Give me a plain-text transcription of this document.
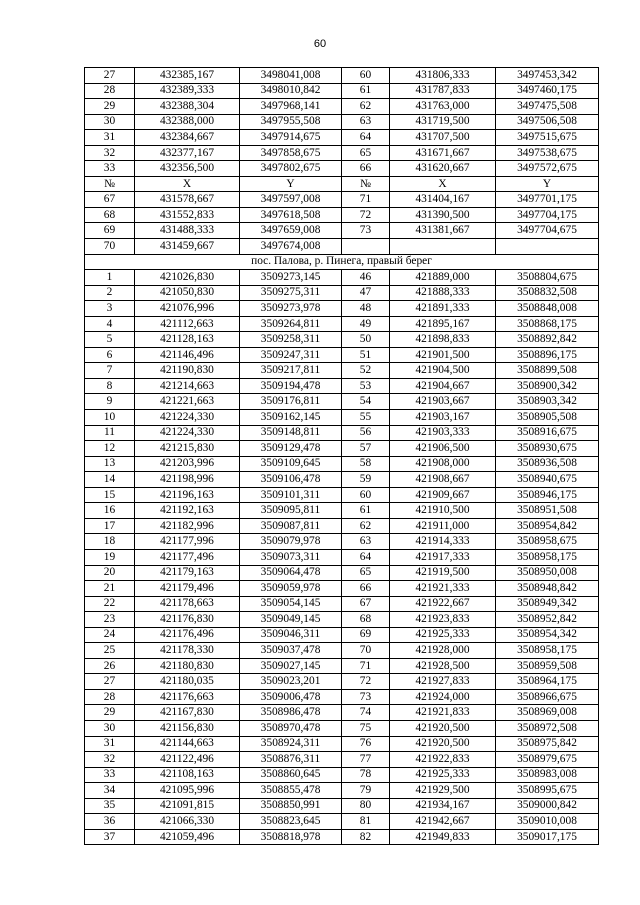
60
27	432385,167	3498041,008	60	431806,333	3497453,342
28	432389,333	3498010,842	61	431787,833	3497460,175
29	432388,304	3497968,141	62	431763,000	3497475,508
30	432388,000	3497955,508	63	431719,500	3497506,508
31	432384,667	3497914,675	64	431707,500	3497515,675
32	432377,167	3497858,675	65	431671,667	3497538,675
33	432356,500	3497802,675	66	431620,667	3497572,675
№	X	Y	№	X	Y
67	431578,667	3497597,008	71	431404,167	3497701,175
68	431552,833	3497618,508	72	431390,500	3497704,175
69	431488,333	3497659,008	73	431381,667	3497704,675
70	431459,667	3497674,008			
пос. Палова, р. Пинега, правый берег					
1	421026,830	3509273,145	46	421889,000	3508804,675
2	421050,830	3509275,311	47	421888,333	3508832,508
3	421076,996	3509273,978	48	421891,333	3508848,008
4	421112,663	3509264,811	49	421895,167	3508868,175
5	421128,163	3509258,311	50	421898,833	3508892,842
6	421146,496	3509247,311	51	421901,500	3508896,175
7	421190,830	3509217,811	52	421904,500	3508899,508
8	421214,663	3509194,478	53	421904,667	3508900,342
9	421221,663	3509176,811	54	421903,667	3508903,342
10	421224,330	3509162,145	55	421903,167	3508905,508
11	421224,330	3509148,811	56	421903,333	3508916,675
12	421215,830	3509129,478	57	421906,500	3508930,675
13	421203,996	3509109,645	58	421908,000	3508936,508
14	421198,996	3509106,478	59	421908,667	3508940,675
15	421196,163	3509101,311	60	421909,667	3508946,175
16	421192,163	3509095,811	61	421910,500	3508951,508
17	421182,996	3509087,811	62	421911,000	3508954,842
18	421177,996	3509079,978	63	421914,333	3508958,675
19	421177,496	3509073,311	64	421917,333	3508958,175
20	421179,163	3509064,478	65	421919,500	3508950,008
21	421179,496	3509059,978	66	421921,333	3508948,842
22	421178,663	3509054,145	67	421922,667	3508949,342
23	421176,830	3509049,145	68	421923,833	3508952,842
24	421176,496	3509046,311	69	421925,333	3508954,342
25	421178,330	3509037,478	70	421928,000	3508958,175
26	421180,830	3509027,145	71	421928,500	3508959,508
27	421180,035	3509023,201	72	421927,833	3508964,175
28	421176,663	3509006,478	73	421924,000	3508966,675
29	421167,830	3508986,478	74	421921,833	3508969,008
30	421156,830	3508970,478	75	421920,500	3508972,508
31	421144,663	3508924,311	76	421920,500	3508975,842
32	421122,496	3508876,311	77	421922,833	3508979,675
33	421108,163	3508860,645	78	421925,333	3508983,008
34	421095,996	3508855,478	79	421929,500	3508995,675
35	421091,815	3508850,991	80	421934,167	3509000,842
36	421066,330	3508823,645	81	421942,667	3509010,008
37	421059,496	3508818,978	82	421949,833	3509017,175
